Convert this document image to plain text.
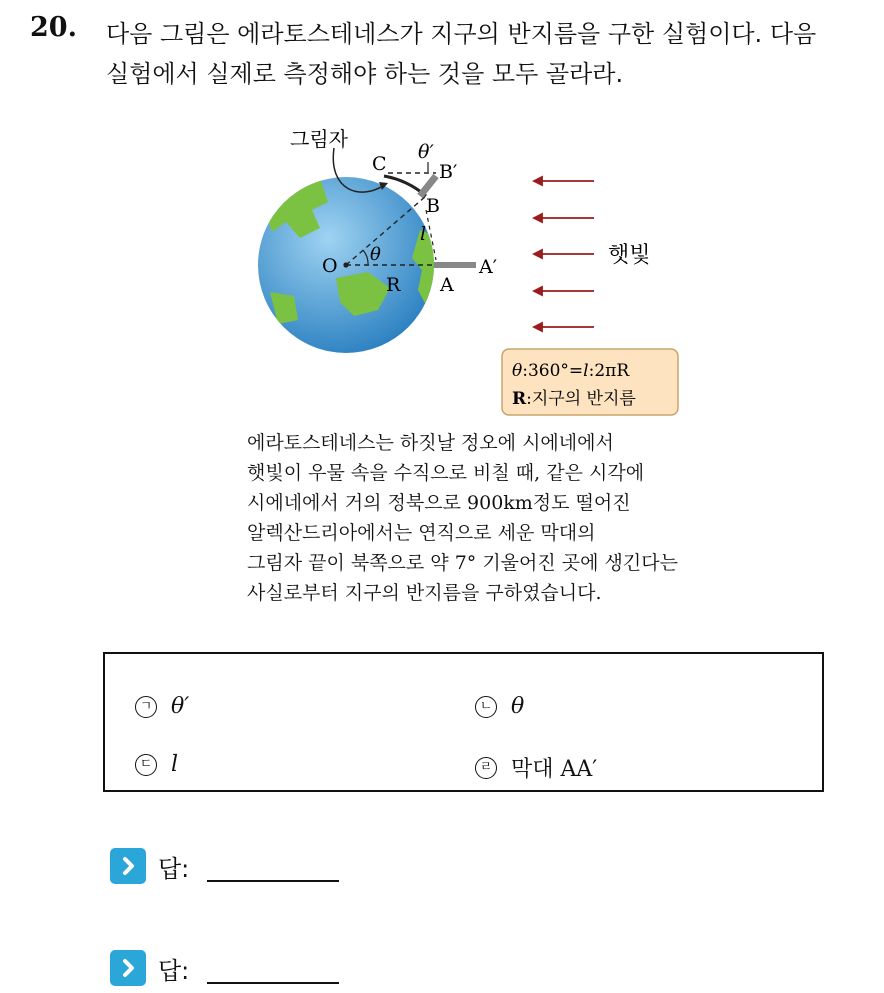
20. 다음 그림은 에라토스테네스가 지구의 반지름을 구한 실험이다. 다음
실험에서 실제로 측정해야 하는 것을 모두 골라라.
그림자
θ′
C	B′
B
l
O
θ
R A
A′	햇빛
θ:360°=l:2πR
R:지구의 반지름
에라토스테네스는 하짓날 정오에 시에네에서
햇빛이 우물 속을 수직으로 비칠 때, 같은 시각에
시에네에서 거의 정북으로 900km정도 떨어진
알렉산드리아에서는 연직으로 세운 막대의
그림자 끝이 북쪽으로 약 7° 기울어진 곳에 생긴다는
사실로부터 지구의 반지름을 구하였습니다.
ㄱ θ′	ㄴ θ
ㄷ l	ㄹ 막대 AA′
답:
답:
